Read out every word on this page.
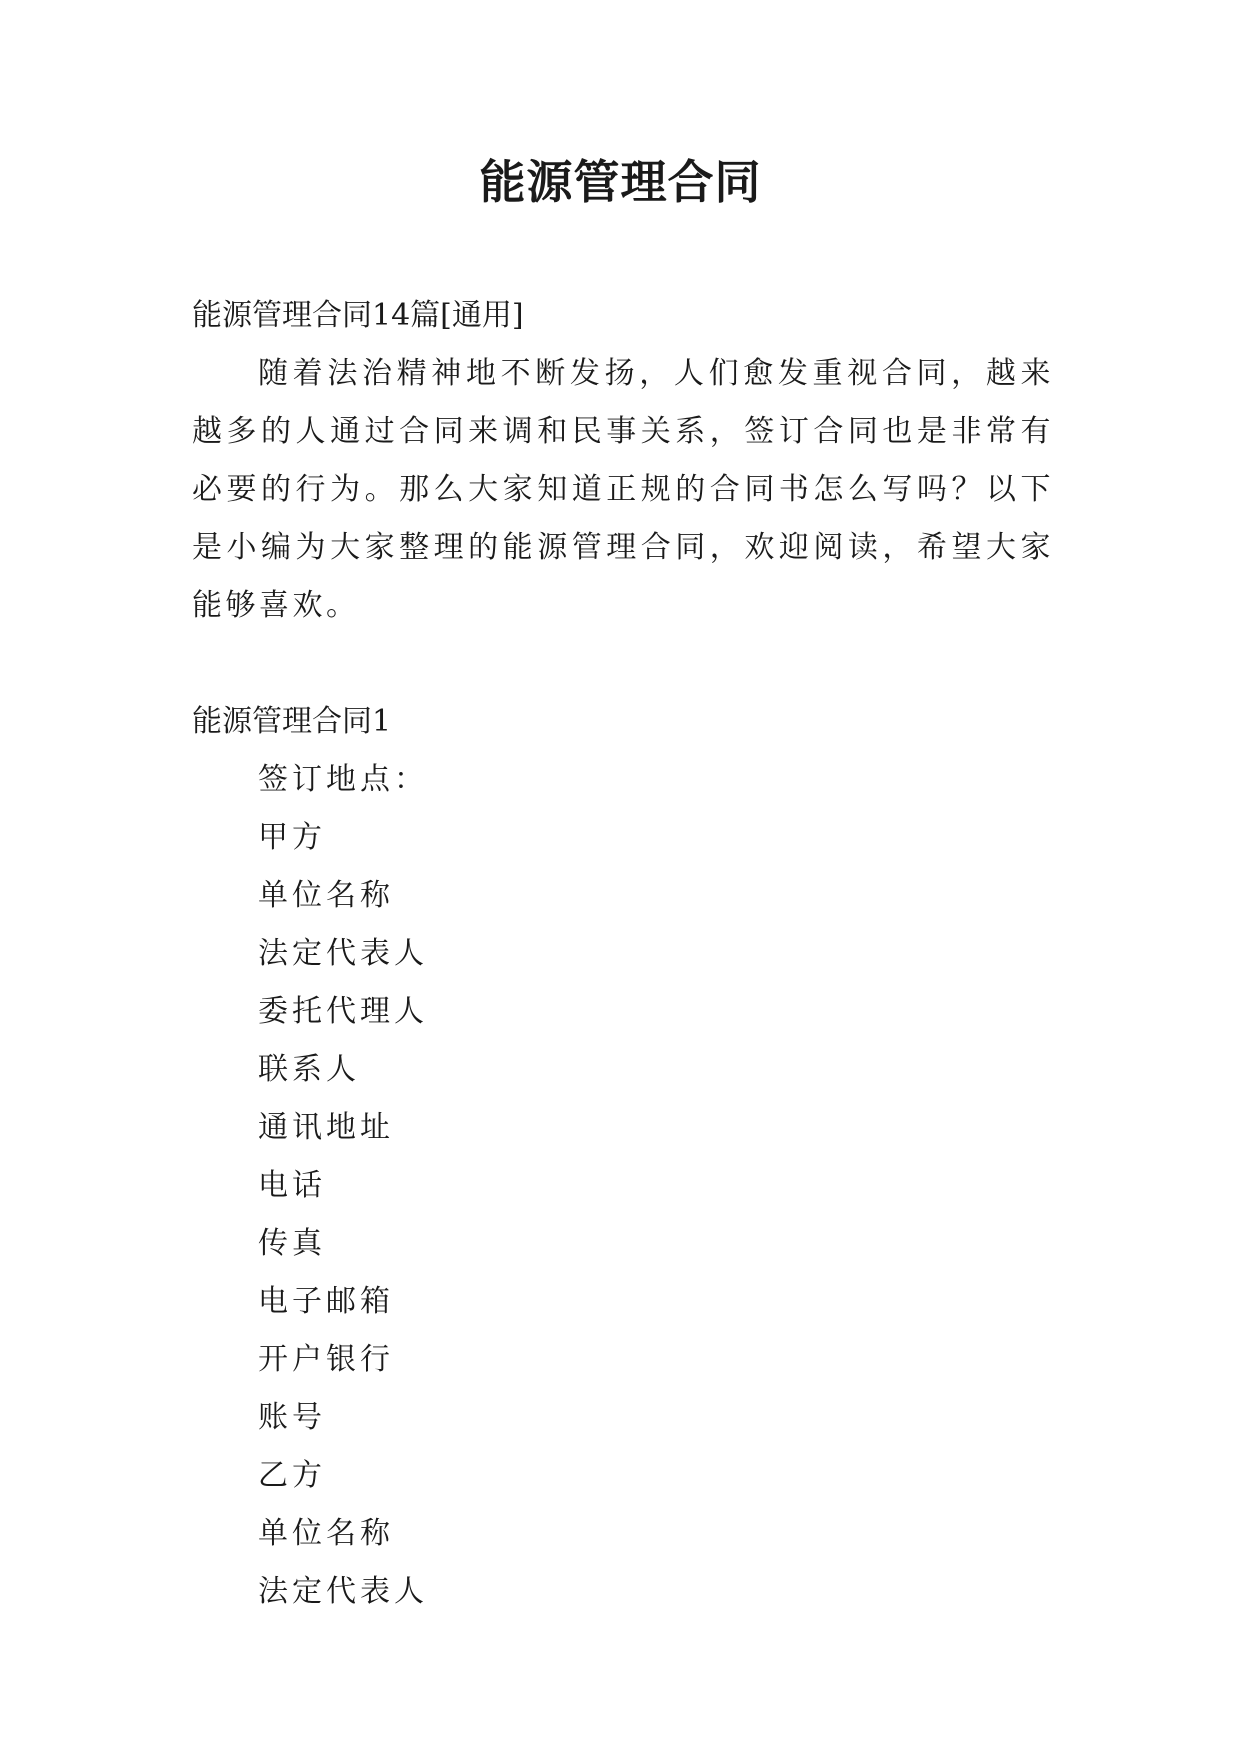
能源管理合同

能源管理合同14篇[通用]

随着法治精神地不断发扬，人们愈发重视合同，越来越多的人通过合同来调和民事关系，签订合同也是非常有必要的行为。那么大家知道正规的合同书怎么写吗？以下是小编为大家整理的能源管理合同，欢迎阅读，希望大家能够喜欢。

能源管理合同1

签订地点：

甲方

单位名称

法定代表人

委托代理人

联系人

通讯地址

电话

传真

电子邮箱

开户银行

账号

乙方

单位名称

法定代表人
